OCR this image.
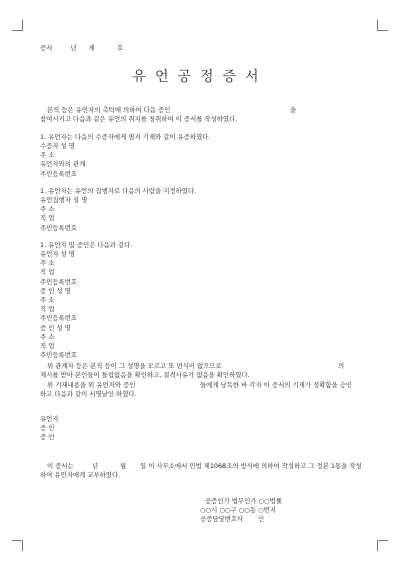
증서	년 제	호
유언공정증서
본직 등은 유언자의 촉탁에 의하여 다음 증인	을
참여시키고 다음과 같은 유언의 취지를 청취하여 이 증서를 작성하였다.
1. 유언자는 다음의 수증자에게 별지 기재와 같이 유증하였다.
수증자 성 명
주 소
유언자와의 관계
주민등록번호
1. 유언자는 유언의 집행자로 다음의 사람을 지정하였다.
유언집행자 성 명
주 소
직 업
주민등록번호
1. 유언자 및 증인은 다음과 같다.
유언자 성 명
주 소
직 업
주민등록번호
증 인 성 명
주 소
직 업
주민등록번호
증 인 성 명
주 소
직 업
주민등록번호
위 관계자 등은 본직 등이 그 성명을 모르고 또 면식이 없으므로	의
제시를 받아 본인들이 틀림없음을 확인하고, 결격사유가 없음을 확인하였다.
위 기재내용을 위 유언자와 증인	들에게 낭독한 바 각자 이 증서의 기재가 정확함을 승인
하고 다음과 같이 서명날인 하였다.
유언자
증 인
증 인
이 증서는	년	월 일 이 사무소에서 민법 제1068조의 방식에 의하여 작성하고 그 정본 1통을 작성
하여 유언자에게 교부하였다.
공증인가 법무인가 ○○법률
○○시 ○○구 ○○동 ○번지
공증담당변호사 인
